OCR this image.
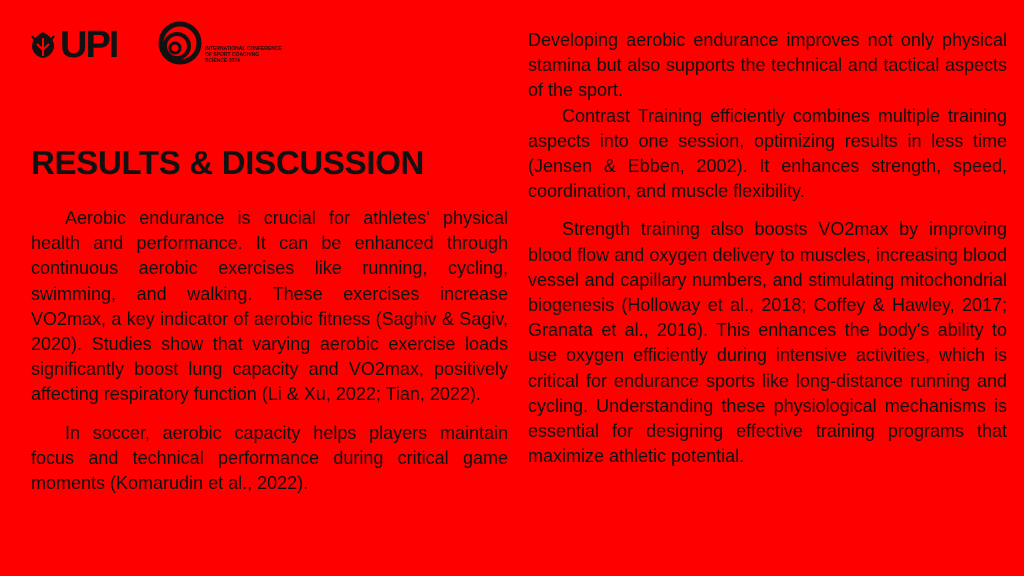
UPI	INTERNATIONAL CONFERENCE
OF SPORT COACHING
SCIENCE 2024
RESULTS & DISCUSSION

Aerobic endurance is crucial for athletes' physical health and performance. It can be enhanced through continuous aerobic exercises like running, cycling, swimming, and walking. These exercises increase VO2max, a key indicator of aerobic fitness (Saghiv & Sagiv, 2020). Studies show that varying aerobic exercise loads significantly boost lung capacity and VO2max, positively affecting respiratory function (Li & Xu, 2022; Tian, 2022).

In soccer, aerobic capacity helps players maintain focus and technical performance during critical game moments (Komarudin et al., 2022).

Developing aerobic endurance improves not only physical stamina but also supports the technical and tactical aspects of the sport.

Contrast Training efficiently combines multiple training aspects into one session, optimizing results in less time (Jensen & Ebben, 2002). It enhances strength, speed, coordination, and muscle flexibility.

Strength training also boosts VO2max by improving blood flow and oxygen delivery to muscles, increasing blood vessel and capillary numbers, and stimulating mitochondrial biogenesis (Holloway et al., 2018; Coffey & Hawley, 2017; Granata et al., 2016). This enhances the body's ability to use oxygen efficiently during intensive activities, which is critical for endurance sports like long-distance running and cycling. Understanding these physiological mechanisms is essential for designing effective training programs that maximize athletic potential.
